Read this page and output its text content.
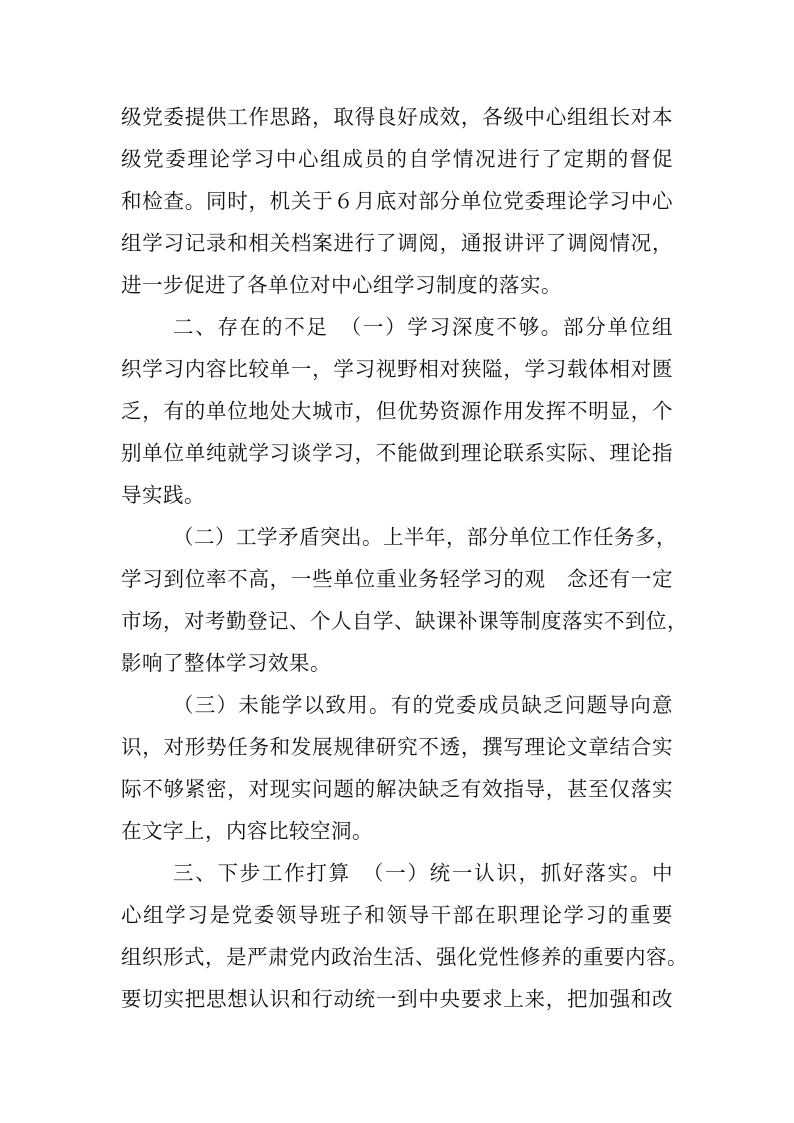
级党委提供工作思路，取得良好成效，各级中心组组长对本
级党委理论学习中心组成员的自学情况进行了定期的督促
和检查。同时，机关于６月底对部分单位党委理论学习中心
组学习记录和相关档案进行了调阅，通报讲评了调阅情况，
进一步促进了各单位对中心组学习制度的落实。
二、存在的不足　（一）学习深度不够。部分单位组
织学习内容比较单一，学习视野相对狭隘，学习载体相对匮
乏，有的单位地处大城市，但优势资源作用发挥不明显，个
别单位单纯就学习谈学习，不能做到理论联系实际、理论指
导实践。
（二）工学矛盾突出。上半年，部分单位工作任务多，
学习到位率不高，一些单位重业务轻学习的观　念还有一定
市场，对考勤登记、个人自学、缺课补课等制度落实不到位，
影响了整体学习效果。
（三）未能学以致用。有的党委成员缺乏问题导向意
识，对形势任务和发展规律研究不透，撰写理论文章结合实
际不够紧密，对现实问题的解决缺乏有效指导，甚至仅落实
在文字上，内容比较空洞。
三、下步工作打算　（一）统一认识，抓好落实。中
心组学习是党委领导班子和领导干部在职理论学习的重要
组织形式，是严肃党内政治生活、强化党性修养的重要内容。
要切实把思想认识和行动统一到中央要求上来，把加强和改
